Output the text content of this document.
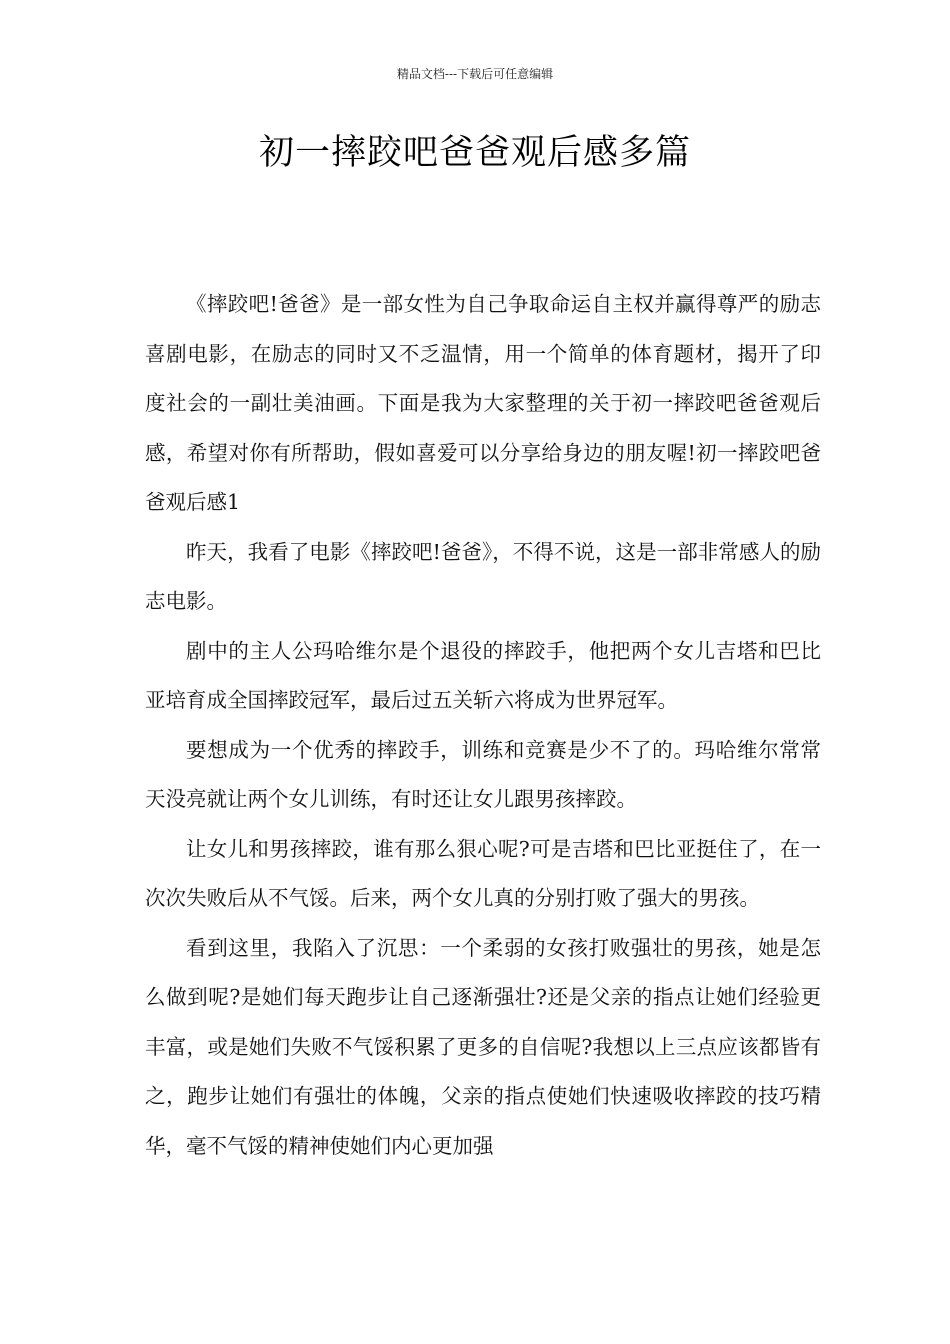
精品文档---下载后可任意编辑
初一摔跤吧爸爸观后感多篇

《摔跤吧!爸爸》是一部女性为自己争取命运自主权并赢得尊严的励志喜剧电影，在励志的同时又不乏温情，用一个简单的体育题材，揭开了印度社会的一副壮美油画。下面是我为大家整理的关于初一摔跤吧爸爸观后感，希望对你有所帮助，假如喜爱可以分享给身边的朋友喔!初一摔跤吧爸爸观后感1

昨天，我看了电影《摔跤吧!爸爸》，不得不说，这是一部非常感人的励志电影。

剧中的主人公玛哈维尔是个退役的摔跤手，他把两个女儿吉塔和巴比亚培育成全国摔跤冠军，最后过五关斩六将成为世界冠军。

要想成为一个优秀的摔跤手，训练和竞赛是少不了的。玛哈维尔常常天没亮就让两个女儿训练，有时还让女儿跟男孩摔跤。

让女儿和男孩摔跤，谁有那么狠心呢?可是吉塔和巴比亚挺住了，在一次次失败后从不气馁。后来，两个女儿真的分别打败了强大的男孩。

看到这里，我陷入了沉思：一个柔弱的女孩打败强壮的男孩，她是怎么做到呢?是她们每天跑步让自己逐渐强壮?还是父亲的指点让她们经验更丰富，或是她们失败不气馁积累了更多的自信呢?我想以上三点应该都皆有之，跑步让她们有强壮的体魄，父亲的指点使她们快速吸收摔跤的技巧精华，毫不气馁的精神使她们内心更加强
